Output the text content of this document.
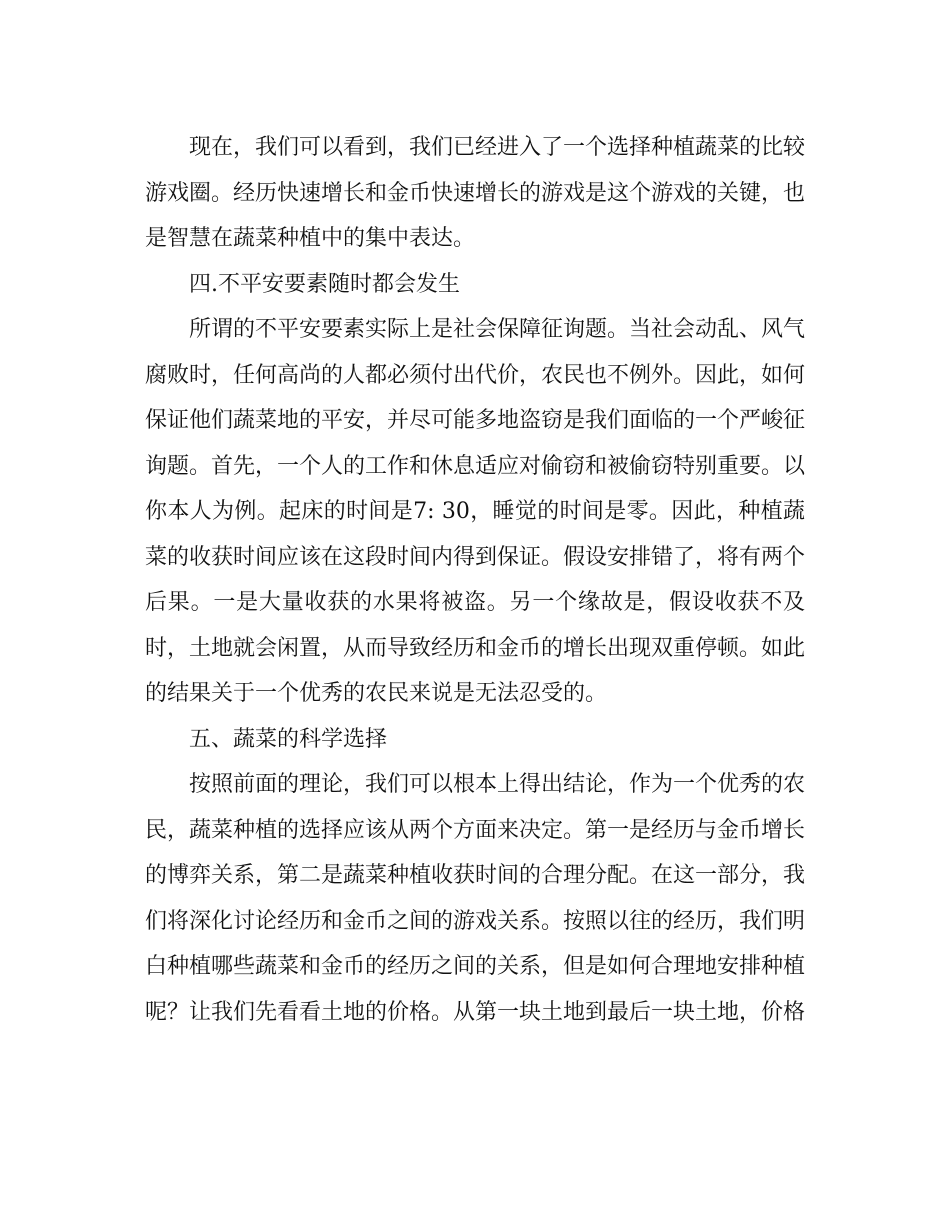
现在，我们可以看到，我们已经进入了一个选择种植蔬菜的比较游戏圈。经历快速增长和金币快速增长的游戏是这个游戏的关键，也是智慧在蔬菜种植中的集中表达。

四.不平安要素随时都会发生

所谓的不平安要素实际上是社会保障征询题。当社会动乱、风气腐败时，任何高尚的人都必须付出代价，农民也不例外。因此，如何保证他们蔬菜地的平安，并尽可能多地盗窃是我们面临的一个严峻征询题。首先，一个人的工作和休息适应对偷窃和被偷窃特别重要。以你本人为例。起床的时间是7: 30，睡觉的时间是零。因此，种植蔬菜的收获时间应该在这段时间内得到保证。假设安排错了，将有两个后果。一是大量收获的水果将被盗。另一个缘故是，假设收获不及时，土地就会闲置，从而导致经历和金币的增长出现双重停顿。如此的结果关于一个优秀的农民来说是无法忍受的。

五、蔬菜的科学选择

按照前面的理论，我们可以根本上得出结论，作为一个优秀的农民，蔬菜种植的选择应该从两个方面来决定。第一是经历与金币增长的博弈关系，第二是蔬菜种植收获时间的合理分配。在这一部分，我们将深化讨论经历和金币之间的游戏关系。按照以往的经历，我们明白种植哪些蔬菜和金币的经历之间的关系，但是如何合理地安排种植呢？让我们先看看土地的价格。从第一块土地到最后一块土地，价格
